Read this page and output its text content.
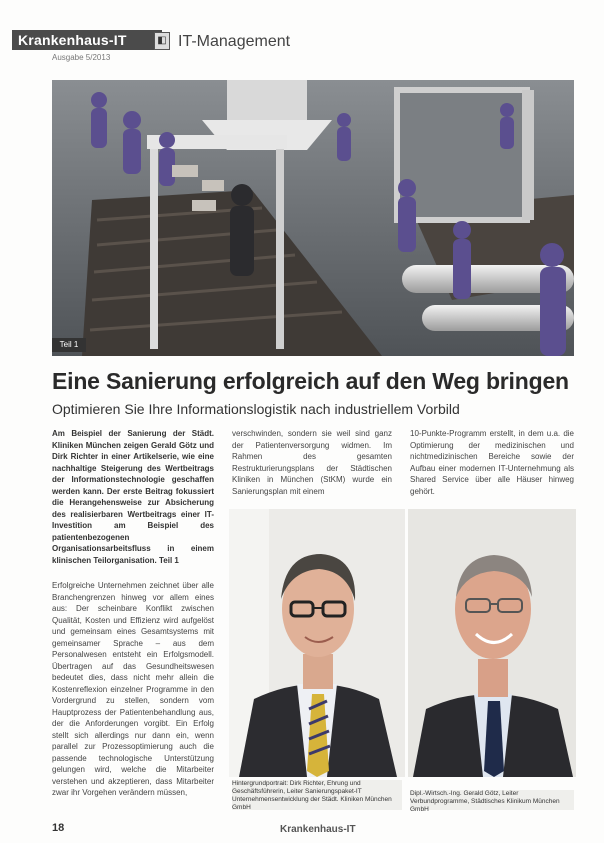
Krankenhaus-IT	◧ IT-Management
Ausgabe 5/2013
Teil 1
Eine Sanierung erfolgreich auf den Weg bringen
Optimieren Sie Ihre Informationslogistik nach industriellem Vorbild

Am Beispiel der Sanierung der Städt. Kliniken München zeigen Gerald Götz und Dirk Richter in einer Artikelserie, wie eine nachhaltige Steigerung des Wertbeitrags der Informationstechnologie geschaffen werden kann. Der erste Beitrag fokussiert die Herangehensweise zur Absicherung des realisierbaren Wertbeitrags einer IT-Investition am Beispiel des patientenbezogenen Organisationsarbeitsfluss in einem klinischen Teilorganisation. Teil 1

Erfolgreiche Unternehmen zeichnet über alle Branchengrenzen hinweg vor allem eines aus: Der scheinbare Konflikt zwischen Qualität, Kosten und Effizienz wird aufgelöst und gemeinsam eines Gesamtsystems mit gemeinsamer Sprache – aus dem Personalwesen entsteht ein Erfolgsmodell. Übertragen auf das Gesundheitswesen bedeutet dies, dass nicht mehr allein die Kostenreflexion einzelner Programme in den Vordergrund zu stellen, sondern vom Hauptprozess der Patientenbehandlung aus, der die Anforderungen vorgibt. Ein Erfolg stellt sich allerdings nur dann ein, wenn parallel zur Prozessoptimierung auch die passende technologische Unterstützung gelungen wird, welche die Mitarbeiter verstehen und akzeptieren, dass Mitarbeiter zwar ihr Vorgehen verändern müssen,

verschwinden, sondern sie weil sind ganz der Patientenversorgung widmen. Im Rahmen des gesamten Restrukturierungsplans der Städtischen Kliniken in München (StKM) wurde ein Sanierungsplan mit einem

10-Punkte-Programm erstellt, in dem u.a. die Optimierung der medizinischen und nichtmedizinischen Bereiche sowie der Aufbau einer modernen IT-Unternehmung als Shared Service über alle Häuser hinweg gehört.

Hintergrundportrait: Dirk Richter, Ehrung und Geschäftsführerin, Leiter Sanierungspaket-IT Unternehmensentwicklung der Städt. Kliniken München GmbH
Dipl.-Wirtsch.-Ing. Gerald Götz, Leiter Verbundprogramme, Städtisches Klinikum München GmbH
18	Krankenhaus-IT
